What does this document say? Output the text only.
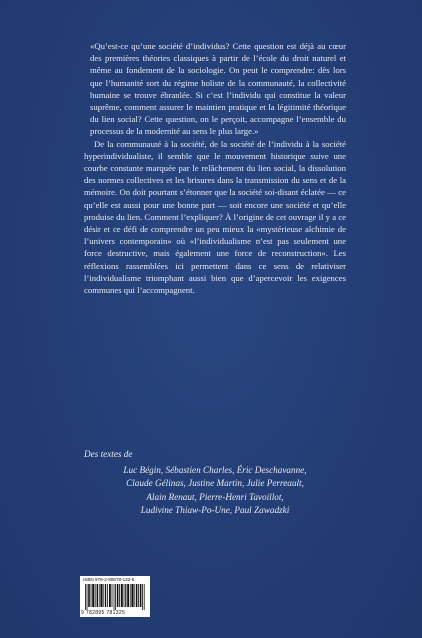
«Qu’est-ce qu’une société d’individus? Cette question est déjà au cœur des premières théories classiques à partir de l’école du droit naturel et même au fondement de la sociologie. On peut le comprendre: dès lors que l’humanité sort du régime holiste de la communauté, la collectivité humaine se trouve ébranlée. Si c’est l’individu qui constitue la valeur suprême, comment assurer le maintien pratique et la légitimité théorique du lien social? Cette question, on le perçoit, accompagne l’ensemble du processus de la modernité au sens le plus large.»

De la communauté à la société, de la société de l’individu à la société hyperindividualiste, il semble que le mouvement historique suive une courbe constante marquée par le relâchement du lien social, la dissolution des normes collectives et les brisures dans la transmission du sens et de la mémoire. On doit pourtant s’étonner que la société soi-disant éclatée — ce qu’elle est aussi pour une bonne part — soit encore une société et qu’elle produise du lien. Comment l’expliquer? À l’origine de cet ouvrage il y a ce désir et ce défi de comprendre un peu mieux la «mystérieuse alchimie de l’univers contemporain» où «l’individualisme n’est pas seulement une force destructive, mais également une force de reconstruction». Les réflexions rassemblées ici permettent dans ce sens de relativiser l’individualisme triomphant aussi bien que d’apercevoir les exigences communes qui l’accompagnent.

Des textes de

Luc Bégin, Sébastien Charles, Éric Deschavanne,
Claude Gélinas, Justine Martin, Julie Perreault,
Alain Renaut, Pierre-Henri Tavoillot,
Ludivine Thiaw-Po-Une, Paul Zawadzki

ISBN 978-2-89578-132-5
9 782895 781325
